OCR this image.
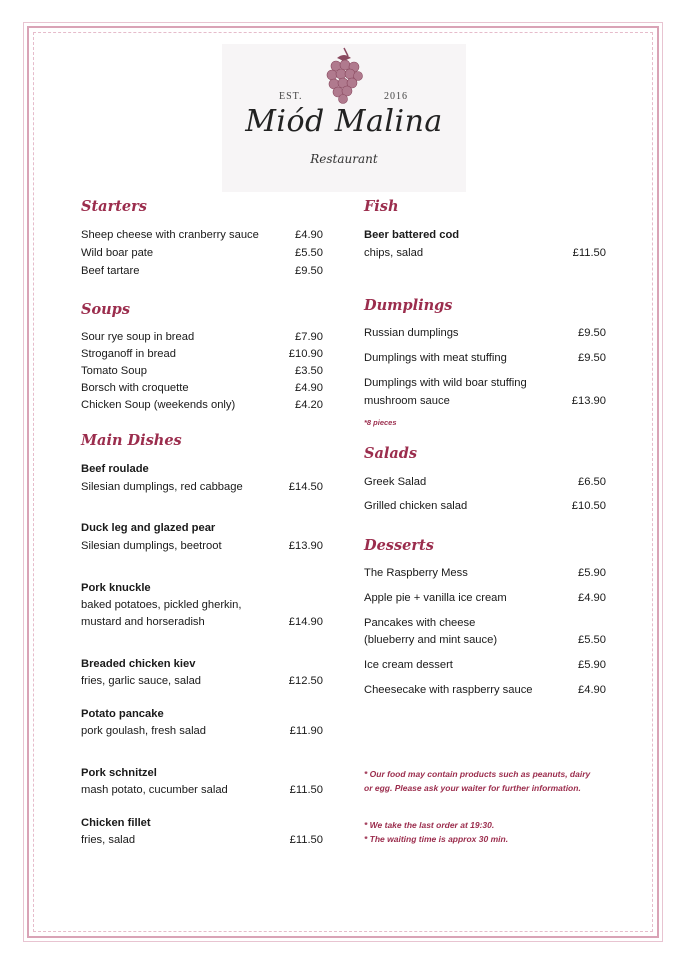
EST.	2016
Miód Malina
Restaurant
Starters
Sheep cheese with cranberry sauce	£4.90
Wild boar pate	£5.50
Beef tartare	£9.50
Soups
Sour rye soup in bread	£7.90
Stroganoff in bread	£10.90
Tomato Soup	£3.50
Borsch with croquette	£4.90
Chicken Soup (weekends only)	£4.20
Main Dishes
Beef roulade
Silesian dumplings, red cabbage	£14.50
Duck leg and glazed pear
Silesian dumplings, beetroot	£13.90
Pork knuckle
baked potatoes, pickled gherkin,
mustard and horseradish	£14.90
Breaded chicken kiev
fries, garlic sauce, salad	£12.50
Potato pancake
pork goulash, fresh salad	£11.90
Pork schnitzel
mash potato, cucumber salad	£11.50
Chicken fillet
fries, salad	£11.50
Fish
Beer battered cod
chips, salad	£11.50
Dumplings
Russian dumplings	£9.50
Dumplings with meat stuffing	£9.50
Dumplings with wild boar stuffing
mushroom sauce	£13.90
*8 pieces
Salads
Greek Salad	£6.50
Grilled chicken salad	£10.50
Desserts
The Raspberry Mess	£5.90
Apple pie + vanilla ice cream	£4.90
Pancakes with cheese
(blueberry and mint sauce)	£5.50
Ice cream dessert	£5.90
Cheesecake with raspberry sauce	£4.90
* Our food may contain products such as peanuts, dairy
or egg. Please ask your waiter for further information.
* We take the last order at 19:30.
* The waiting time is approx 30 min.
